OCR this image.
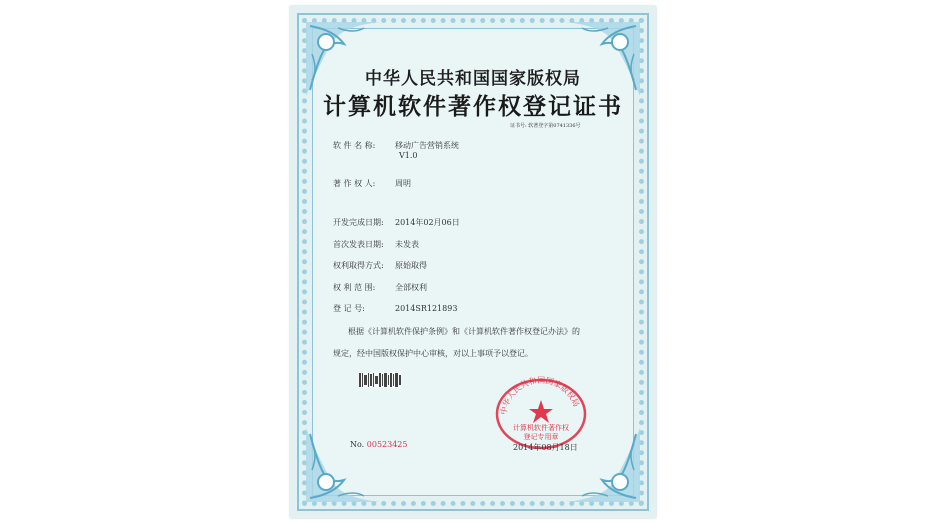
中华人民共和国国家版权局
计算机软件著作权登记证书
证书号: 软著登字第0741336号
软 件 名 称: 移动广告营销系统
V1.0
著 作 权 人: 周明
开发完成日期: 2014年02月06日
首次发表日期: 未发表
权利取得方式: 原始取得
权 利 范 围: 全部权利
登 记 号:	2014SR121893
根据《计算机软件保护条例》和《计算机软件著作权登记办法》的
规定，经中国版权保护中心审核，对以上事项予以登记。
No. 00523425
中华人民共和国国家版权局
计算机软件著作权
登记专用章
2014年08月18日
